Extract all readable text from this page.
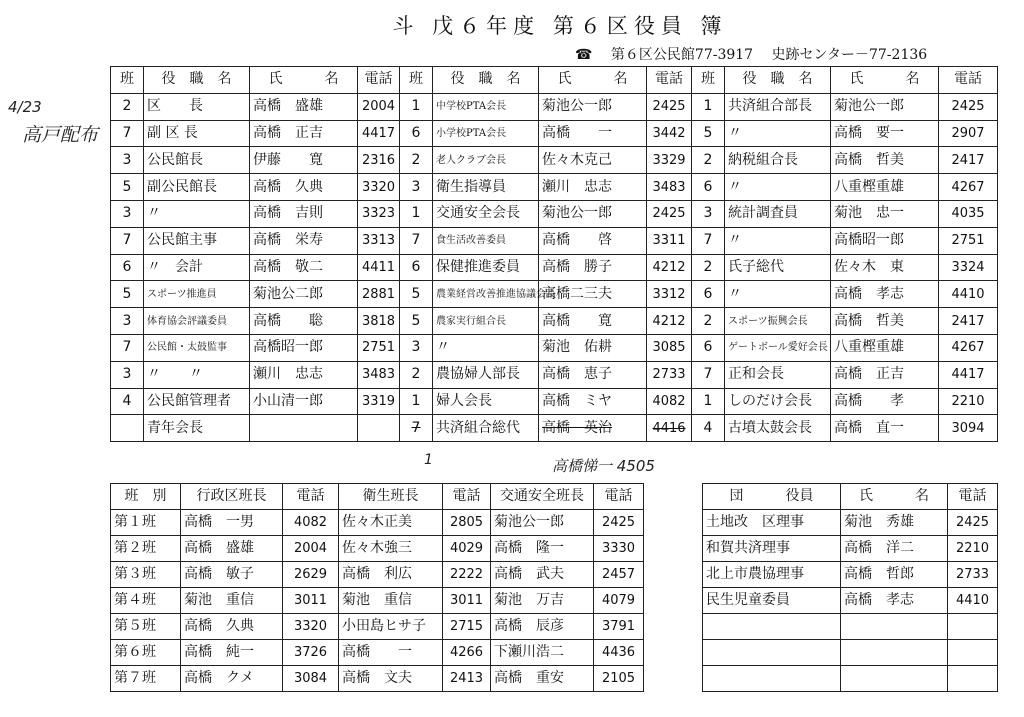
斗 戊６年度 第６区役員 簿
☎ 第６区公民館77-3917 史跡センター－77-2136
4/23
高戸配布
高橋悌一 4505
1
班	役　職　名	氏　　　名	電話	班	役　職　名	氏　　　名	電話	班	役　職　名	氏　　　名	電話
2	区　　長	高橋　盛雄	2004	1	中学校PTA会長	菊池公一郎	2425	1	共済組合部長	菊池公一郎	2425
7	副 区 長	高橋　正吉	4417	6	小学校PTA会長	高橋　　一	3442	5	〃	高橋　要一	2907
3	公民館長	伊藤　　寛	2316	2	老人クラブ会長	佐々木克己	3329	2	納税組合長	高橋　哲美	2417
5	副公民館長	高橋　久典	3320	3	衛生指導員	瀬川　忠志	3483	6	〃	八重樫重雄	4267
3	〃	高橋　吉則	3323	1	交通安全会長	菊池公一郎	2425	3	統計調査員	菊池　忠一	4035
7	公民館主事	高橋　栄寿	3313	7	食生活改善委員	高橋　　啓	3311	7	〃	高橋昭一郎	2751
6	〃　会計	高橋　敬二	4411	6	保健推進委員	高橋　勝子	4212	2	氏子総代	佐々木　東	3324
5	スポーツ推進員	菊池公二郎	2881	5	農業経営改善推進協議会長	高橋二三夫	3312	6	〃	高橋　孝志	4410
3	体育協会評議委員	高橋　　聡	3818	5	農家実行組合長	高橋　　寛	4212	2	スポーツ振興会長	高橋　哲美	2417
7	公民館・太鼓監事	高橋昭一郎	2751	3	〃	菊池　佑耕	3085	6	ゲートボール愛好会長	八重樫重雄	4267
3	〃　　〃	瀬川　忠志	3483	2	農協婦人部長	高橋　恵子	2733	7	正和会長	高橋　正吉	4417
4	公民館管理者	小山清一郎	3319	1	婦人会長	高橋　ミヤ	4082	1	しのだけ会長	高橋　　孝	2210
	青年会長			7	共済組合総代	高橋　英治	4416	4	古墳太鼓会長	高橋　直一	3094
班　別	行政区班長	電話	衛生班長	電話	交通安全班長	電話
第１班	高橋　一男	4082	佐々木正美	2805	菊池公一郎	2425
第２班	高橋　盛雄	2004	佐々木強三	4029	高橋　隆一	3330
第３班	高橋　敏子	2629	高橋　利広	2222	高橋　武夫	2457
第４班	菊池　重信	3011	菊池　重信	3011	菊池　万吉	4079
第５班	高橋　久典	3320	小田島ヒサ子	2715	高橋　辰彦	3791
第６班	高橋　純一	3726	高橋　　一	4266	下瀬川浩二	4436
第７班	高橋　クメ	3084	高橋　文夫	2413	高橋　重安	2105
団　　　役員	氏　　　名	電話
土地改　区理事	菊池　秀雄	2425
和賀共済理事	高橋　洋二	2210
北上市農協理事	高橋　哲郎	2733
民生児童委員	高橋　孝志	4410
